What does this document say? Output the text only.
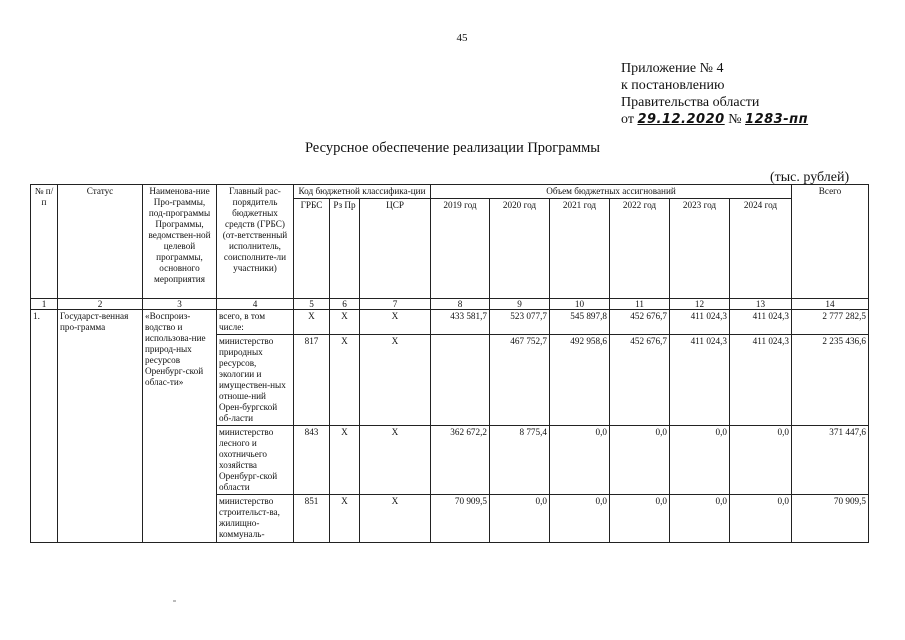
45
Приложение № 4
к постановлению
Правительства области
от 29.12.2020 № 1283-пп
Ресурсное обеспечение реализации Программы
(тыс. рублей)
№ п/п	Статус	Наименова-ние Про-граммы, под-программы Программы, ведомствен-ной целевой программы, основного мероприятия	Главный рас-порядитель бюджетных средств (ГРБС) (от-ветственный исполнитель, соисполните-ли участники)	Код бюджетной классифика-ции			Объем бюджетных ассигнований						Всего
				ГРБС	Рз Пр	ЦСР	2019 год	2020 год	2021 год	2022 год	2023 год	2024 год	
1	2	3	4	5	6	7	8	9	10	11	12	13	14
1.	Государст-венная про-грамма	«Воспроиз-водство и использова-ние природ-ных ресурсов Оренбург-ской облас-ти»	всего, в том числе:	X	X	X	433 581,7	523 077,7	545 897,8	452 676,7	411 024,3	411 024,3	2 777 282,5
			министерство природных ресурсов, экологии и имуществен-ных отноше-ний Орен-бургской об-ласти	817	X	X		467 752,7	492 958,6	452 676,7	411 024,3	411 024,3	2 235 436,6
			министерство лесного и охотничьего хозяйства Оренбург-ской области	843	X	X	362 672,2	8 775,4	0,0	0,0	0,0	0,0	371 447,6
			министерство строительст-ва, жилищно-коммуналь-	851	X	X	70 909,5	0,0	0,0	0,0	0,0	0,0	70 909,5
